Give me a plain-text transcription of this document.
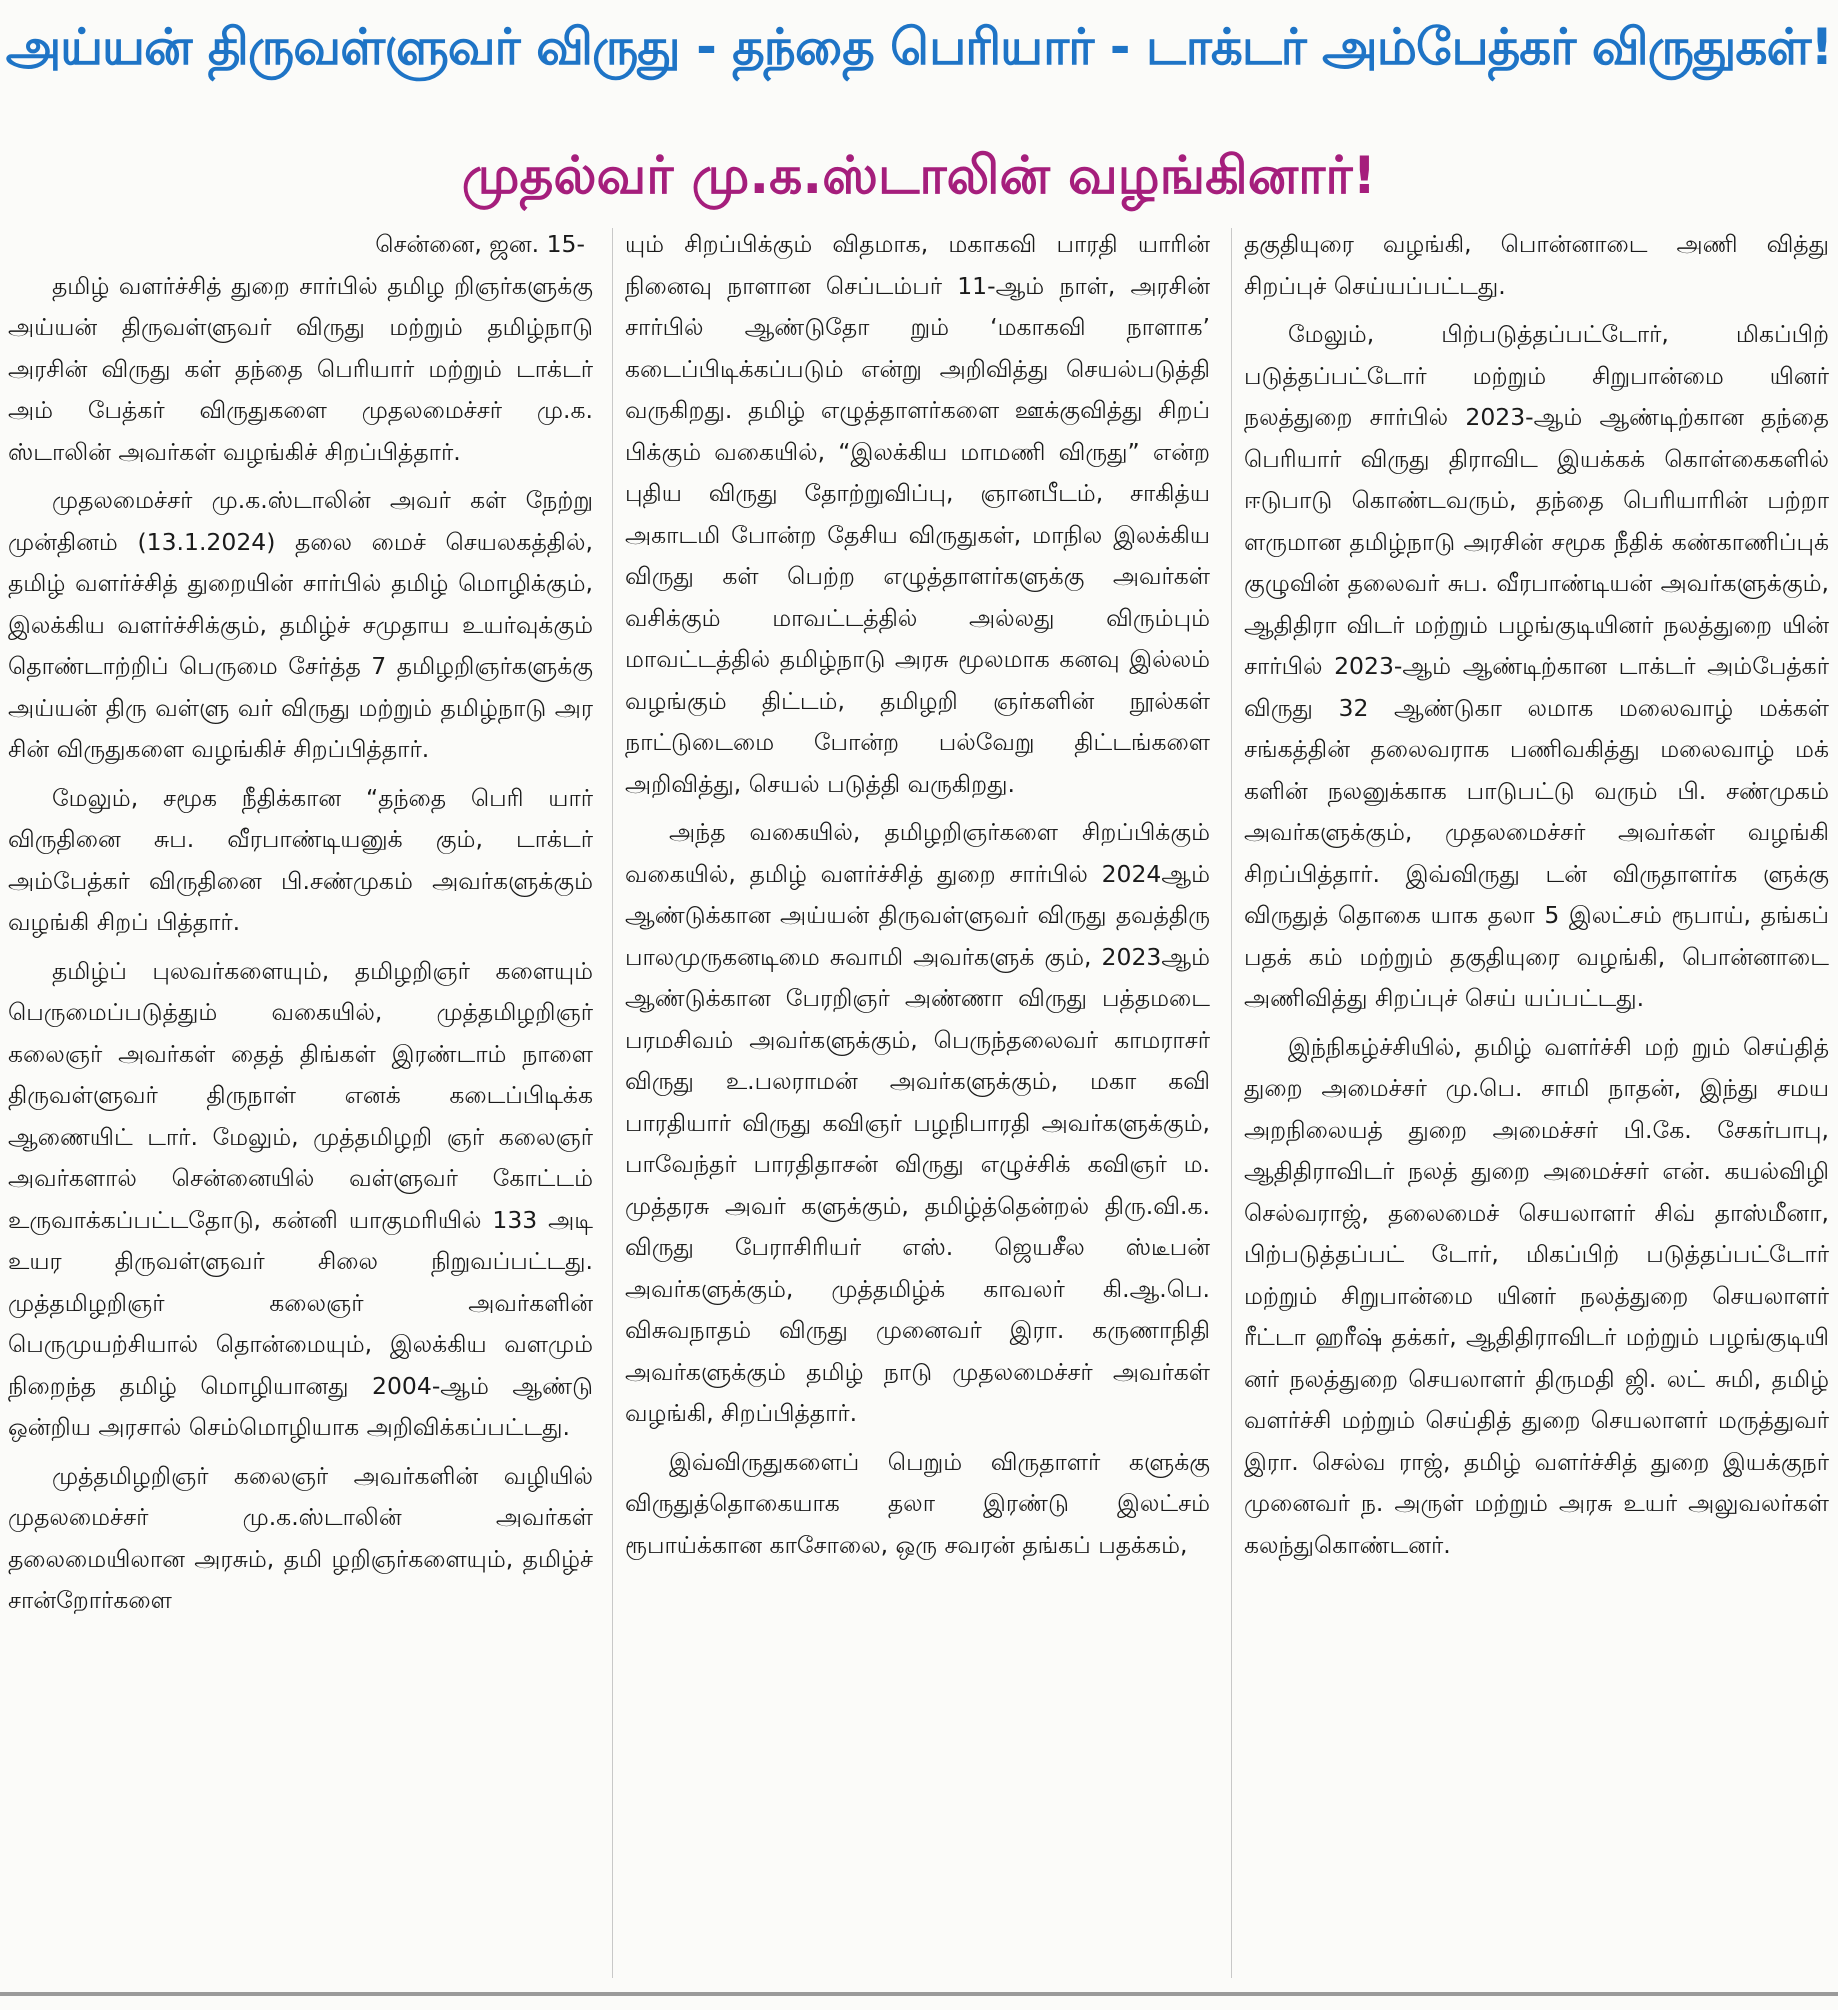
அய்யன் திருவள்ளுவர் விருது - தந்தை பெரியார் - டாக்டர் அம்பேத்கர் விருதுகள்!
முதல்வர் மு.க.ஸ்டாலின் வழங்கினார்!

சென்னை, ஜன. 15-

தமிழ் வளர்ச்சித் துறை சார்பில் தமிழ றிஞர்களுக்கு அய்யன் திருவள்ளுவர் விருது மற்றும் தமிழ்நாடு அரசின் விருது கள் தந்தை பெரியார் மற்றும் டாக்டர் அம் பேத்கர் விருதுகளை முதலமைச்சர் மு.க. ஸ்டாலின் அவர்கள் வழங்கிச் சிறப்பித்தார்.

முதலமைச்சர் மு.க.ஸ்டாலின் அவர் கள் நேற்று முன்தினம் (13.1.2024) தலை மைச் செயலகத்தில், தமிழ் வளர்ச்சித் துறையின் சார்பில் தமிழ் மொழிக்கும், இலக்கிய வளர்ச்சிக்கும், தமிழ்ச் சமுதாய உயர்வுக்கும் தொண்டாற்றிப் பெருமை சேர்த்த 7 தமிழறிஞர்களுக்கு அய்யன் திரு வள்ளு வர் விருது மற்றும் தமிழ்நாடு அர சின் விருதுகளை வழங்கிச் சிறப்பித்தார்.

மேலும், சமூக நீதிக்கான “தந்தை பெரி யார் விருதினை சுப. வீரபாண்டியனுக் கும், டாக்டர் அம்பேத்கர் விருதினை பி.சண்முகம் அவர்களுக்கும் வழங்கி சிறப் பித்தார்.

தமிழ்ப் புலவர்களையும், தமிழறிஞர் களையும் பெருமைப்படுத்தும் வகையில், முத்தமிழறிஞர் கலைஞர் அவர்கள் தைத் திங்கள் இரண்டாம் நாளை திருவள்ளுவர் திருநாள் எனக் கடைப்பிடிக்க ஆணையிட் டார். மேலும், முத்தமிழறி ஞர் கலைஞர் அவர்களால் சென்னையில் வள்ளுவர் கோட்டம் உருவாக்கப்பட்டதோடு, கன்னி யாகுமரியில் 133 அடி உயர திருவள்ளுவர் சிலை நிறுவப்பட்டது. முத்தமிழறிஞர் கலைஞர் அவர்களின் பெருமுயற்சியால் தொன்மையும், இலக்கிய வளமும் நிறைந்த தமிழ் மொழியானது 2004-ஆம் ஆண்டு ஒன்றிய அரசால் செம்மொழியாக அறிவிக்கப்பட்டது.

முத்தமிழறிஞர் கலைஞர் அவர்களின் வழியில் முதலமைச்சர் மு.க.ஸ்டாலின் அவர்கள் தலைமையிலான அரசும், தமி ழறிஞர்களையும், தமிழ்ச் சான்றோர்களை

யும் சிறப்பிக்கும் விதமாக, மகாகவி பாரதி யாரின் நினைவு நாளான செப்டம்பர் 11-ஆம் நாள், அரசின் சார்பில் ஆண்டுதோ றும் ‘மகாகவி நாளாக’ கடைப்பிடிக்கப்படும் என்று அறிவித்து செயல்படுத்தி வருகிறது. தமிழ் எழுத்தாளர்களை ஊக்குவித்து சிறப் பிக்கும் வகையில், “இலக்கிய மாமணி விருது” என்ற புதிய விருது தோற்றுவிப்பு, ஞானபீடம், சாகித்ய அகாடமி போன்ற தேசிய விருதுகள், மாநில இலக்கிய விருது கள் பெற்ற எழுத்தாளர்களுக்கு அவர்கள் வசிக்கும் மாவட்டத்தில் அல்லது விரும்பும் மாவட்டத்தில் தமிழ்நாடு அரசு மூலமாக கனவு இல்லம் வழங்கும் திட்டம், தமிழறி ஞர்களின் நூல்கள் நாட்டுடைமை போன்ற பல்வேறு திட்டங்களை அறிவித்து, செயல் படுத்தி வருகிறது.

அந்த வகையில், தமிழறிஞர்களை சிறப்பிக்கும் வகையில், தமிழ் வளர்ச்சித் துறை சார்பில் 2024ஆம் ஆண்டுக்கான அய்யன் திருவள்ளுவர் விருது தவத்திரு பாலமுருகனடிமை சுவாமி அவர்களுக் கும், 2023ஆம் ஆண்டுக்கான பேரறிஞர் அண்ணா விருது பத்தமடை பரமசிவம் அவர்களுக்கும், பெருந்தலைவர் காமராசர் விருது உ.பலராமன் அவர்களுக்கும், மகா கவி பாரதியார் விருது கவிஞர் பழநிபாரதி அவர்களுக்கும், பாவேந்தர் பாரதிதாசன் விருது எழுச்சிக் கவிஞர் ம. முத்தரசு அவர் களுக்கும், தமிழ்த்தென்றல் திரு.வி.க. விருது பேராசிரியர் எஸ். ஜெயசீல ஸ்டீபன் அவர்களுக்கும், முத்தமிழ்க் காவலர் கி.ஆ.பெ. விசுவநாதம் விருது முனைவர் இரா. கருணாநிதி அவர்களுக்கும் தமிழ் நாடு முதலமைச்சர் அவர்கள் வழங்கி, சிறப்பித்தார்.

இவ்விருதுகளைப் பெறும் விருதாளர் களுக்கு விருதுத்தொகையாக தலா இரண்டு இலட்சம் ரூபாய்க்கான காசோலை, ஒரு சவரன் தங்கப் பதக்கம்,

தகுதியுரை வழங்கி, பொன்னாடை அணி வித்து சிறப்புச் செய்யப்பட்டது.

மேலும், பிற்படுத்தப்பட்டோர், மிகப்பிற் படுத்தப்பட்டோர் மற்றும் சிறுபான்மை யினர் நலத்துறை சார்பில் 2023-ஆம் ஆண்டிற்கான தந்தை பெரியார் விருது திராவிட இயக்கக் கொள்கைகளில் ஈடுபாடு கொண்டவரும், தந்தை பெரியாரின் பற்றா ளருமான தமிழ்நாடு அரசின் சமூக நீதிக் கண்காணிப்புக் குழுவின் தலைவர் சுப. வீரபாண்டியன் அவர்களுக்கும், ஆதிதிரா விடர் மற்றும் பழங்குடியினர் நலத்துறை யின் சார்பில் 2023-ஆம் ஆண்டிற்கான டாக்டர் அம்பேத்கர் விருது 32 ஆண்டுகா லமாக மலைவாழ் மக்கள் சங்கத்தின் தலைவராக பணிவகித்து மலைவாழ் மக் களின் நலனுக்காக பாடுபட்டு வரும் பி. சண்முகம் அவர்களுக்கும், முதலமைச்சர் அவர்கள் வழங்கி சிறப்பித்தார். இவ்விருது டன் விருதாளர்க ளுக்கு விருதுத் தொகை யாக தலா 5 இலட்சம் ரூபாய், தங்கப் பதக் கம் மற்றும் தகுதியுரை வழங்கி, பொன்னாடை அணிவித்து சிறப்புச் செய் யப்பட்டது.

இந்நிகழ்ச்சியில், தமிழ் வளர்ச்சி மற் றும் செய்தித் துறை அமைச்சர் மு.பெ. சாமி நாதன், இந்து சமய அறநிலையத் துறை அமைச்சர் பி.கே. சேகர்பாபு, ஆதிதிராவிடர் நலத் துறை அமைச்சர் என். கயல்விழி செல்வராஜ், தலைமைச் செயலாளர் சிவ் தாஸ்மீனா, பிற்படுத்தப்பட் டோர், மிகப்பிற் படுத்தப்பட்டோர் மற்றும் சிறுபான்மை யினர் நலத்துறை செயலாளர் ரீட்டா ஹரீஷ் தக்கர், ஆதிதிராவிடர் மற்றும் பழங்குடியி னர் நலத்துறை செயலாளர் திருமதி ஜி. லட் சுமி, தமிழ் வளர்ச்சி மற்றும் செய்தித் துறை செயலாளர் மருத்துவர் இரா. செல்வ ராஜ், தமிழ் வளர்ச்சித் துறை இயக்குநர் முனைவர் ந. அருள் மற்றும் அரசு உயர் அலுவலர்கள் கலந்துகொண்டனர்.
